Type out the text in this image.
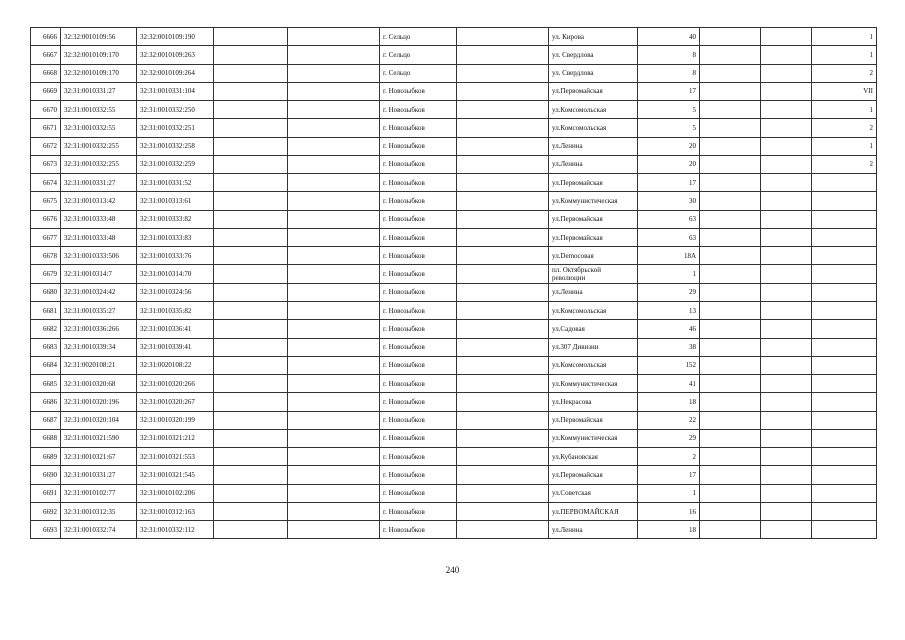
6666	32:32:0010109:56	32:32:0010109:190			г. Сельцо		ул. Кирова	40			1
6667	32:32:0010109:170	32:32:0010109:263			г. Сельцо		ул. Свердлова	8			1
6668	32:32:0010109:170	32:32:0010109:264			г. Сельцо		ул. Свердлова	8			2
6669	32:31:0010331:27	32:31:0010331:104			г. Новозыбков		ул.Первомайская	17			VII
6670	32:31:0010332:55	32:31:0010332:250			г. Новозыбков		ул.Комсомольская	5			1
6671	32:31:0010332:55	32:31:0010332:251			г. Новозыбков		ул.Комсомольская	5			2
6672	32:31:0010332:255	32:31:0010332:258			г. Новозыбков		ул.Ленина	20			1
6673	32:31:0010332:255	32:31:0010332:259			г. Новозыбков		ул.Ленина	20			2
6674	32:31:0010331:27	32:31:0010331:52			г. Новозыбков		ул.Первомайская	17			
6675	32:31:0010313:42	32:31:0010313:61			г. Новозыбков		ул.Коммунистическая	30			
6676	32:31:0010333:48	32:31:0010333:82			г. Новозыбков		ул.Первомайская	63			
6677	32:31:0010333:48	32:31:0010333:83			г. Новозыбков		ул.Первомайская	63			
6678	32:31:0010333:506	32:31:0010333:76			г. Новозыбков		ул.Democoвая	18А			
6679	32:31:0010314:7	32:31:0010314:70			г. Новозыбков		пл. Октябрьской революции	1			
6680	32:31:0010324:42	32:31:0010324:56			г. Новозыбков		ул.Ленина	29			
6681	32:31:0010335:27	32:31:0010335:82			г. Новозыбков		ул.Комсомольская	13			
6682	32:31:0010336:266	32:31:0010336:41			г. Новозыбков		ул.Садовая	46			
6683	32:31:0010339:34	32:31:0010339:41			г. Новозыбков		ул.307 Дивизии	38			
6684	32:31:0020108:21	32:31:0020108:22			г. Новозыбков		ул.Комсомольская	152			
6685	32:31:0010320:68	32:31:0010320:266			г. Новозыбков		ул.Коммунистическая	41			
6686	32:31:0010320:196	32:31:0010320:267			г. Новозыбков		ул.Некрасова	18			
6687	32:31:0010320:104	32:31:0010320:199			г. Новозыбков		ул.Первомайская	22			
6688	32:31:0010321:590	32:31:0010321:212			г. Новозыбков		ул.Коммунистическая	29			
6689	32:31:0010321:67	32:31:0010321:553			г. Новозыбков		ул.Кубановская	2			
6690	32:31:0010331:27	32:31:0010321:545			г. Новозыбков		ул.Первомайская	17			
6691	32:31:0010102:77	32:31:0010102:206			г. Новозыбков		ул.Советская	1			
6692	32:31:0010312:35	32:31:0010312:163			г. Новозыбков		ул.ПЕРВОМАЙСКАЯ	16			
6693	32:31:0010332:74	32:31:0010332:112			г. Новозыбков		ул.Ленина	18			
240
